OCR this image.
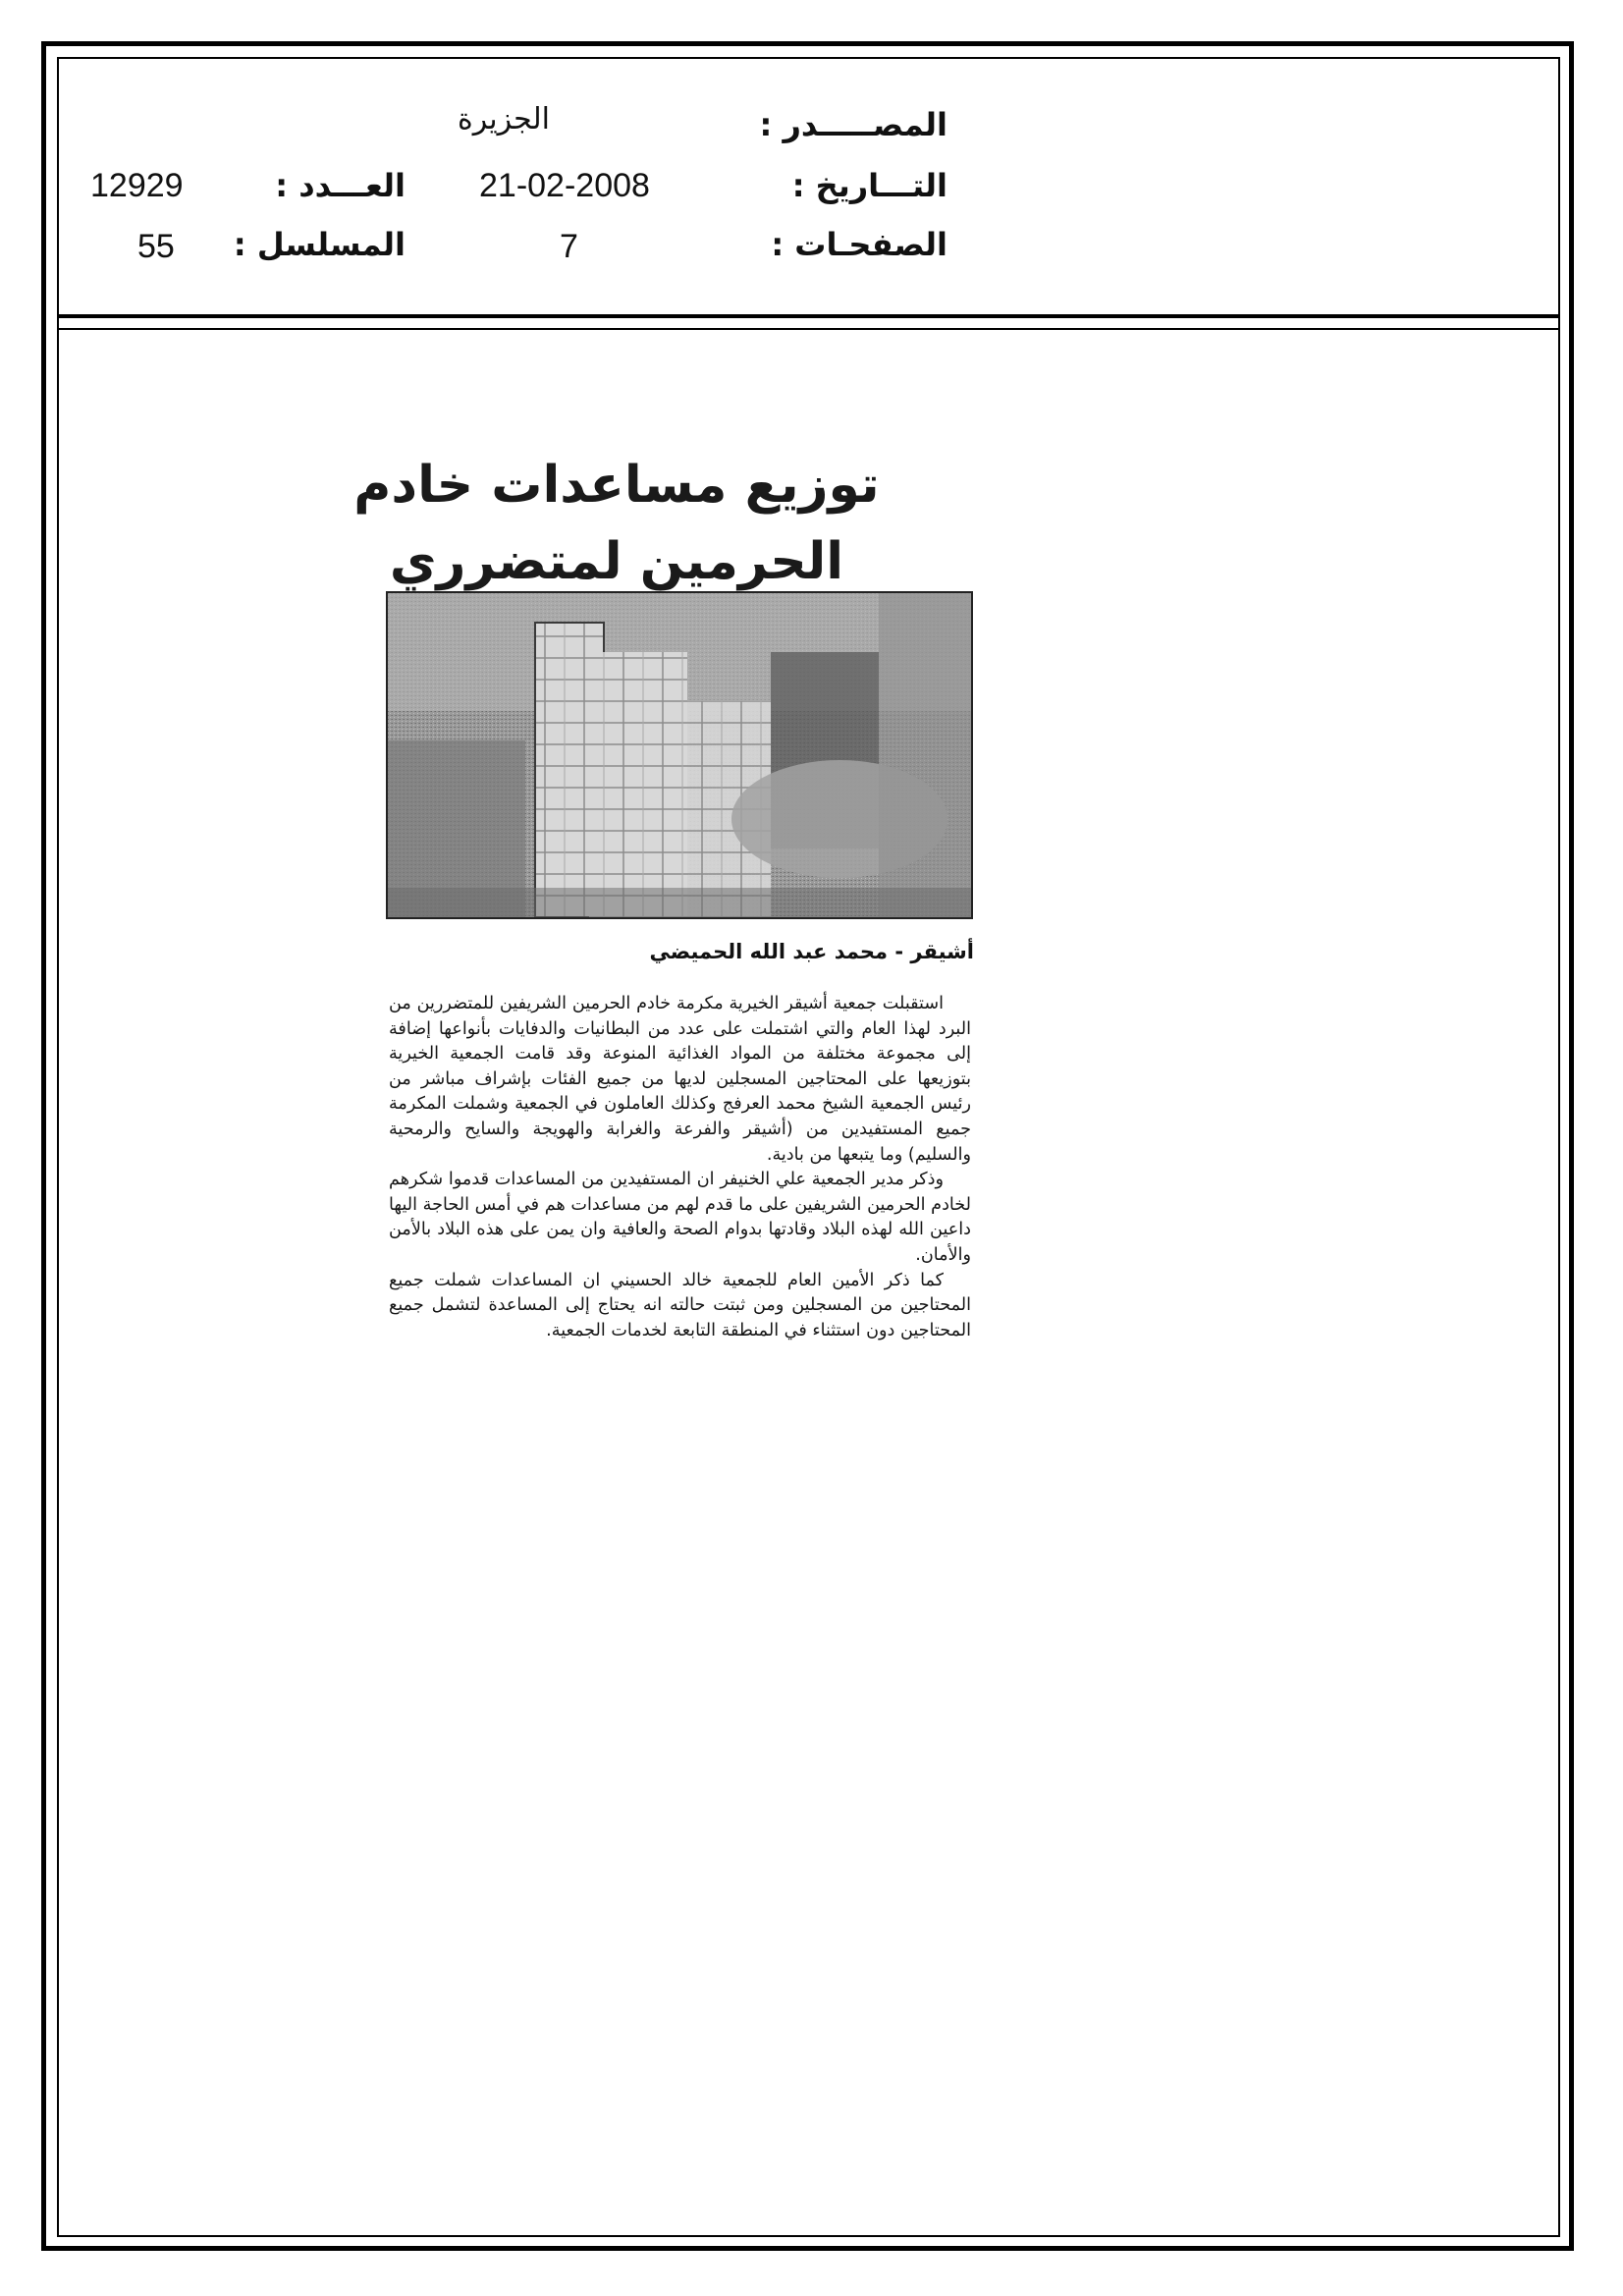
المصـــــدر :
التـــاريخ :
الصفحـات :
الجزيرة
21-02-2008
7
العـــدد :
المسلسل :
12929
55
توزيع مساعدات خادم الحرمين لمتضرري
أشيقر - محمد عبد الله الحميضي

استقبلت جمعية أشيقر الخيرية مكرمة خادم الحرمين الشريفين للمتضررين من البرد لهذا العام والتي اشتملت على عدد من البطانيات والدفايات بأنواعها إضافة إلى مجموعة مختلفة من المواد الغذائية المنوعة وقد قامت الجمعية الخيرية بتوزيعها على المحتاجين المسجلين لديها من جميع الفئات بإشراف مباشر من رئيس الجمعية الشيخ محمد العرفج وكذلك العاملون في الجمعية وشملت المكرمة جميع المستفيدين من (أشيقر والفرعة والغرابة والهويجة والسايح والرمحية والسليم) وما يتبعها من بادية.

وذكر مدير الجمعية علي الخنيفر ان المستفيدين من المساعدات قدموا شكرهم لخادم الحرمين الشريفين على ما قدم لهم من مساعدات هم في أمس الحاجة اليها داعين الله لهذه البلاد وقادتها بدوام الصحة والعافية وان يمن على هذه البلاد بالأمن والأمان.

كما ذكر الأمين العام للجمعية خالد الحسيني ان المساعدات شملت جميع المحتاجين من المسجلين ومن ثبتت حالته انه يحتاج إلى المساعدة لتشمل جميع المحتاجين دون استثناء في المنطقة التابعة لخدمات الجمعية.
